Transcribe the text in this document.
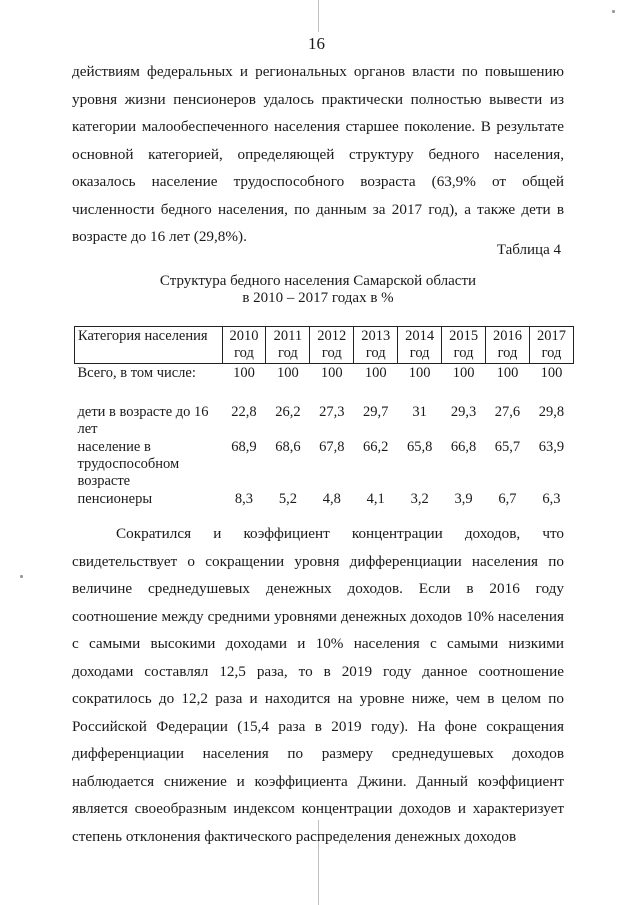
16

действиям федеральных и региональных органов власти по повышению уровня жизни пенсионеров удалось практически полностью вывести из категории малообеспеченного населения старшее поколение. В результате основной категорией, определяющей структуру бедного населения, оказалось население трудоспособного возраста (63,9% от общей численности бедного населения, по данным за 2017 год), а также дети в возрасте до 16 лет (29,8%).

Таблица 4
Структура бедного населения Самарской области
в 2010 – 2017 годах в %
Категория населения	2010 год	2011 год	2012 год	2013 год	2014 год	2015 год	2016 год	2017 год
Всего, в том числе:	100	100	100	100	100	100	100	100
дети в возрасте до 16 лет	22,8	26,2	27,3	29,7	31	29,3	27,6	29,8
население в трудоспособном возрасте	68,9	68,6	67,8	66,2	65,8	66,8	65,7	63,9
пенсионеры	8,3	5,2	4,8	4,1	3,2	3,9	6,7	6,3

Сократился и коэффициент концентрации доходов, что свидетельствует о сокращении уровня дифференциации населения по величине среднедушевых денежных доходов. Если в 2016 году соотношение между средними уровнями денежных доходов 10% населения с самыми высокими доходами и 10% населения с самыми низкими доходами составлял 12,5 раза, то в 2019 году данное соотношение сократилось до 12,2 раза и находится на уровне ниже, чем в целом по Российской Федерации (15,4 раза в 2019 году). На фоне сокращения дифференциации населения по размеру среднедушевых доходов наблюдается снижение и коэффициента Джини. Данный коэффициент является своеобразным индексом концентрации доходов и характеризует степень отклонения фактического распределения денежных доходов
